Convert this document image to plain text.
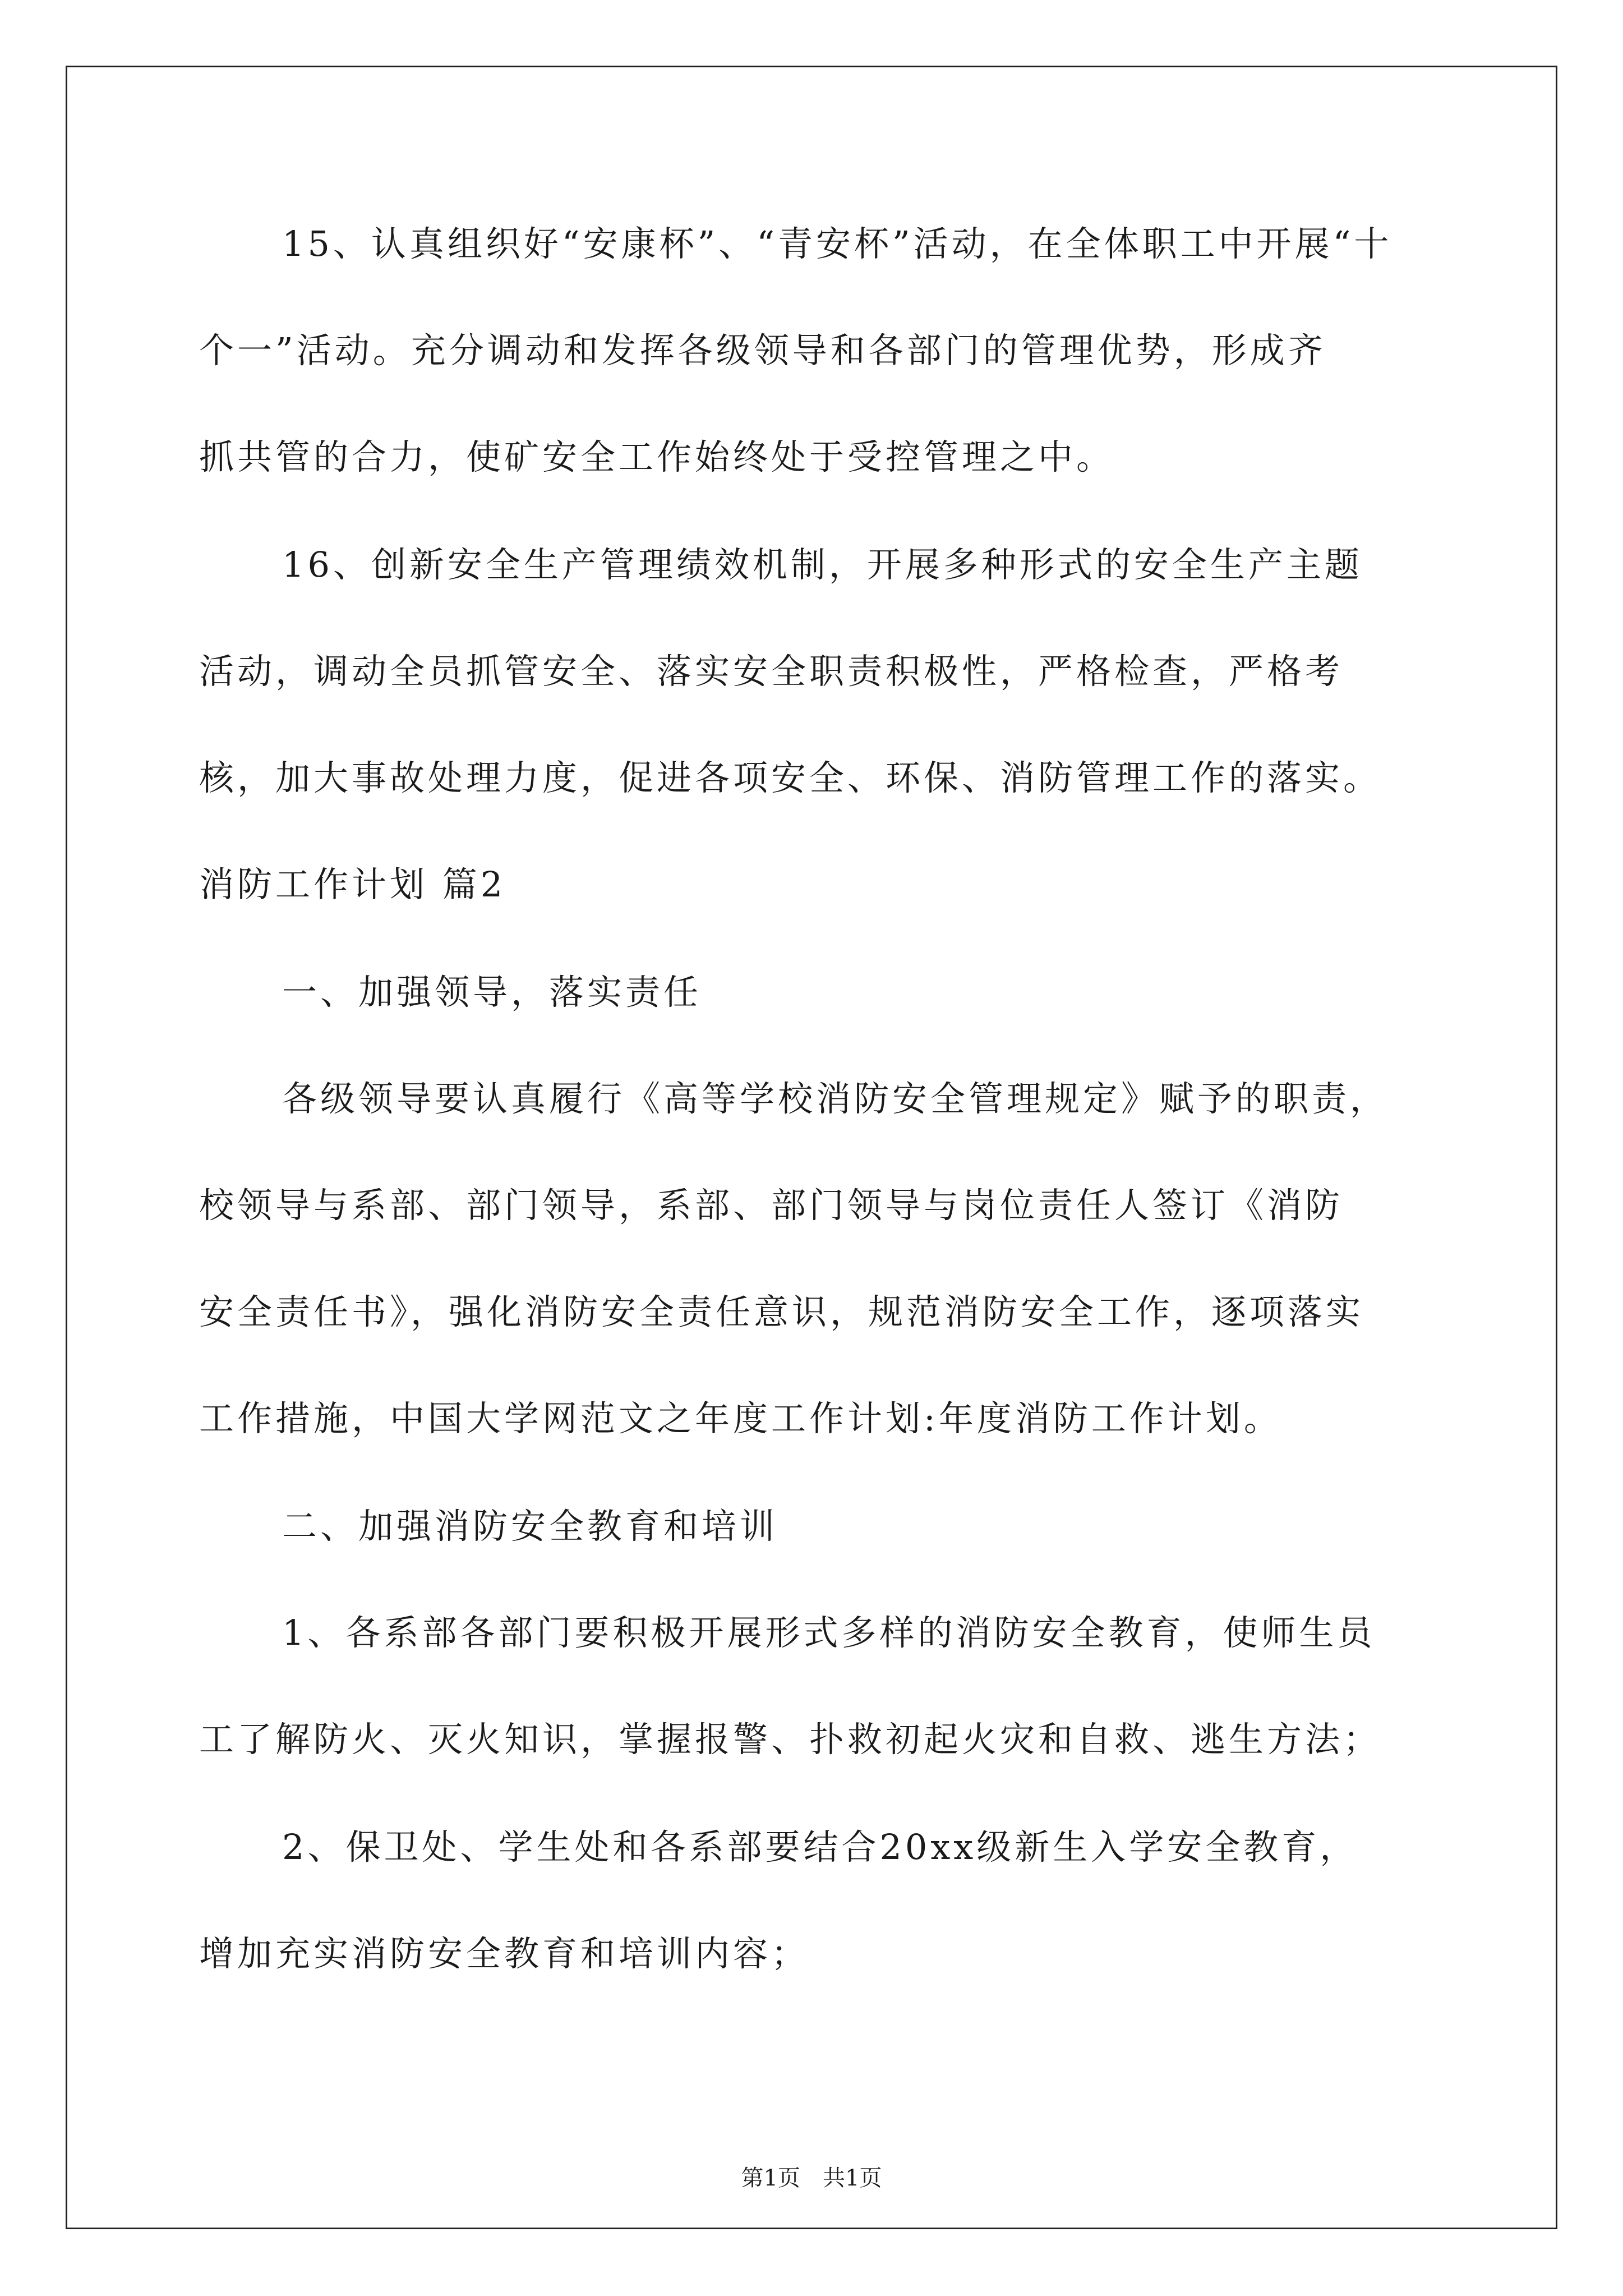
15、认真组织好“安康杯”、“青安杯”活动，在全体职工中开展“十
个一”活动。充分调动和发挥各级领导和各部门的管理优势，形成齐
抓共管的合力，使矿安全工作始终处于受控管理之中。
16、创新安全生产管理绩效机制，开展多种形式的安全生产主题
活动，调动全员抓管安全、落实安全职责积极性，严格检查，严格考
核，加大事故处理力度，促进各项安全、环保、消防管理工作的落实。
消防工作计划 篇2
一、加强领导，落实责任
各级领导要认真履行《高等学校消防安全管理规定》赋予的职责，
校领导与系部、部门领导，系部、部门领导与岗位责任人签订《消防
安全责任书》，强化消防安全责任意识，规范消防安全工作，逐项落实
工作措施，中国大学网范文之年度工作计划:年度消防工作计划。
二、加强消防安全教育和培训
1、各系部各部门要积极开展形式多样的消防安全教育，使师生员
工了解防火、灭火知识，掌握报警、扑救初起火灾和自救、逃生方法；
2、保卫处、学生处和各系部要结合20xx级新生入学安全教育，
增加充实消防安全教育和培训内容；
第1页　共1页
